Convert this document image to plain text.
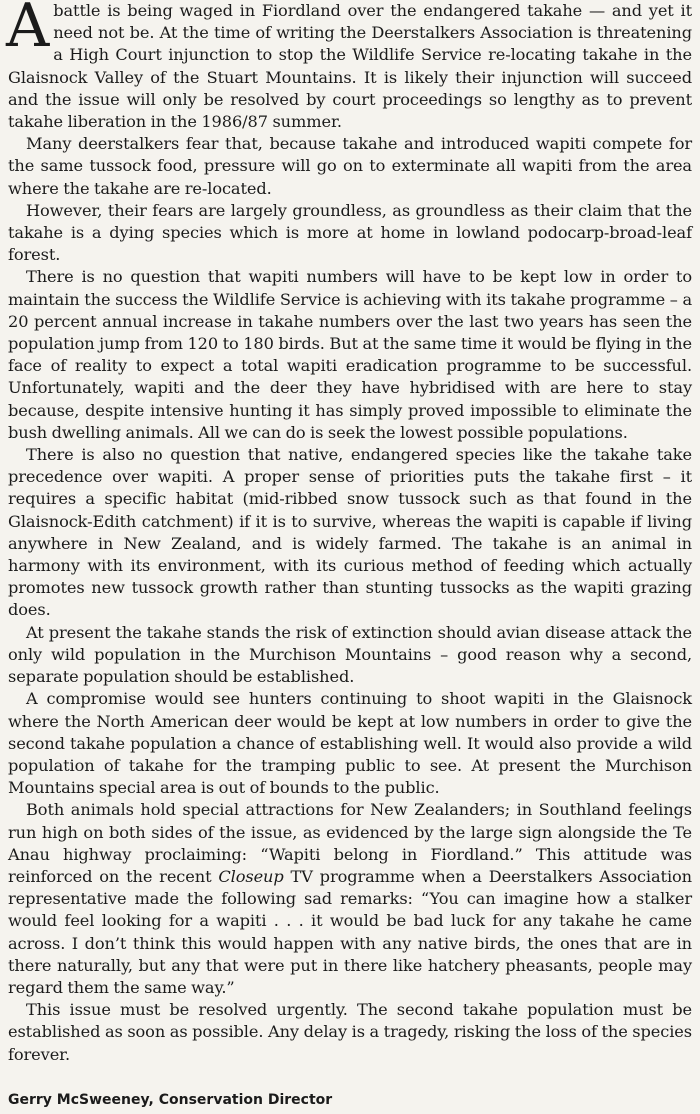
Abattle is being waged in Fiordland over the endangered takahe — and yet it need not be. At the time of writing the Deerstalkers Association is threatening a High Court injunction to stop the Wildlife Service re-locating takahe in the Glaisnock Valley of the Stuart Mountains. It is likely their injunction will succeed and the issue will only be resolved by court proceedings so lengthy as to prevent takahe liberation in the 1986/87 summer.

Many deerstalkers fear that, because takahe and introduced wapiti compete for the same tussock food, pressure will go on to exterminate all wapiti from the area where the takahe are re-located.

However, their fears are largely groundless, as groundless as their claim that the takahe is a dying species which is more at home in lowland podocarp-broad-leaf forest.

There is no question that wapiti numbers will have to be kept low in order to maintain the success the Wildlife Service is achieving with its takahe programme – a 20 percent annual increase in takahe numbers over the last two years has seen the population jump from 120 to 180 birds. But at the same time it would be flying in the face of reality to expect a total wapiti eradication programme to be successful. Unfortunately, wapiti and the deer they have hybridised with are here to stay because, despite intensive hunting it has simply proved impossible to eliminate the bush dwelling animals. All we can do is seek the lowest possible populations.

There is also no question that native, endangered species like the takahe take precedence over wapiti. A proper sense of priorities puts the takahe first – it requires a specific habitat (mid-ribbed snow tussock such as that found in the Glaisnock-Edith catchment) if it is to survive, whereas the wapiti is capable if living anywhere in New Zealand, and is widely farmed. The takahe is an animal in harmony with its environment, with its curious method of feeding which actually promotes new tussock growth rather than stunting tussocks as the wapiti grazing does.

At present the takahe stands the risk of extinction should avian disease attack the only wild population in the Murchison Mountains – good reason why a second, separate population should be established.

A compromise would see hunters continuing to shoot wapiti in the Glaisnock where the North American deer would be kept at low numbers in order to give the second takahe population a chance of establishing well. It would also provide a wild population of takahe for the tramping public to see. At present the Murchison Mountains special area is out of bounds to the public.

Both animals hold special attractions for New Zealanders; in Southland feelings run high on both sides of the issue, as evidenced by the large sign alongside the Te Anau highway proclaiming: “Wapiti belong in Fiordland.” This attitude was reinforced on the recent Closeup TV programme when a Deerstalkers Association representative made the following sad remarks: “You can imagine how a stalker would feel looking for a wapiti . . . it would be bad luck for any takahe he came across. I don’t think this would happen with any native birds, the ones that are in there naturally, but any that were put in there like hatchery pheasants, people may regard them the same way.”

This issue must be resolved urgently. The second takahe population must be established as soon as possible. Any delay is a tragedy, risking the loss of the species forever.

Gerry McSweeney, Conservation Director
